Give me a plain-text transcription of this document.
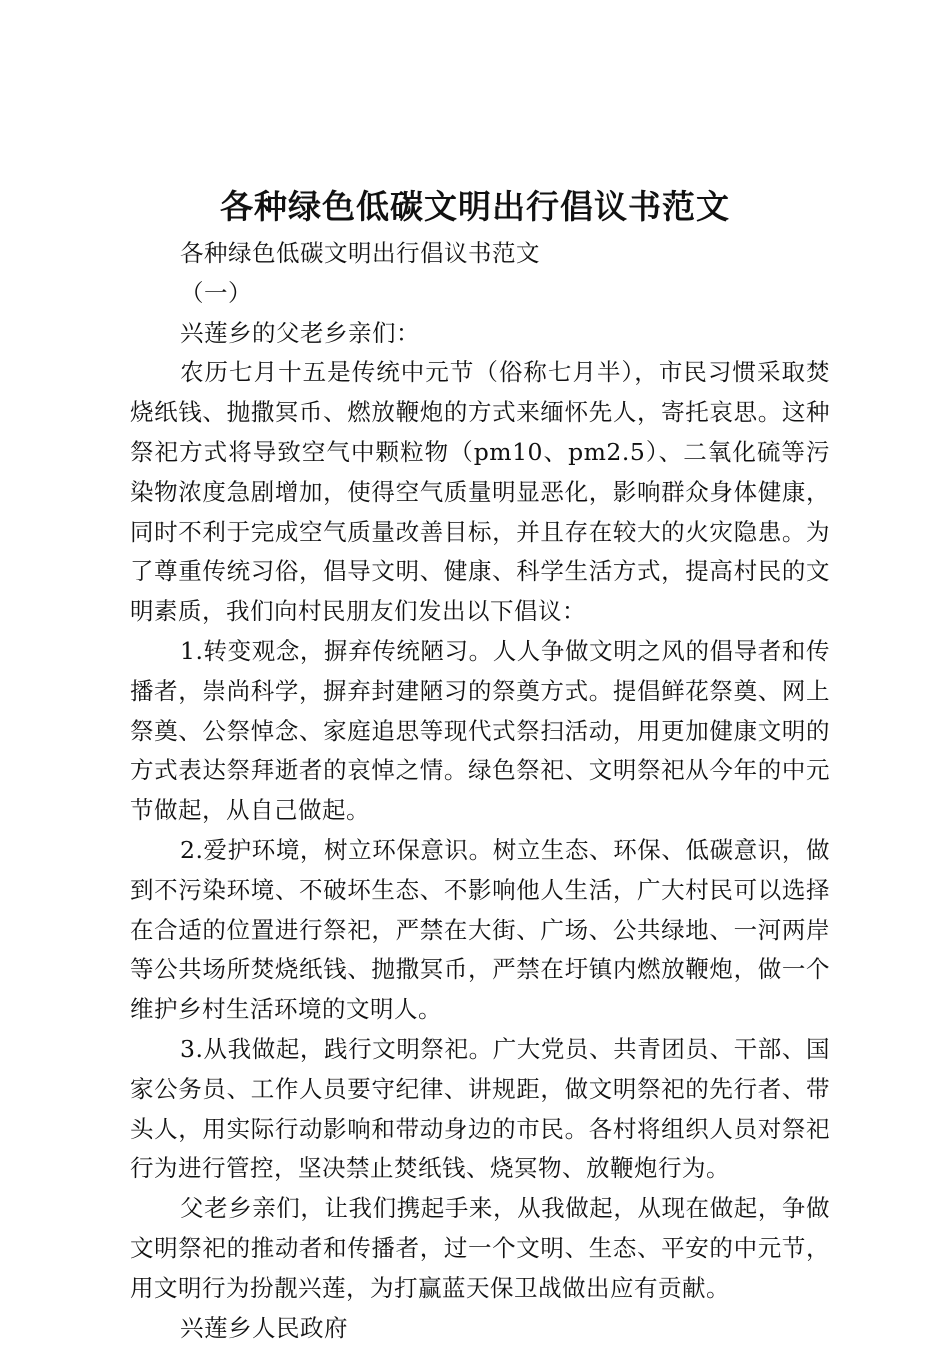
各种绿色低碳文明出行倡议书范文

各种绿色低碳文明出行倡议书范文

（一）

兴莲乡的父老乡亲们：

农历七月十五是传统中元节（俗称七月半），市民习惯采取焚烧纸钱、抛撒冥币、燃放鞭炮的方式来缅怀先人，寄托哀思。这种祭祀方式将导致空气中颗粒物（pm10、pm2.5）、二氧化硫等污染物浓度急剧增加，使得空气质量明显恶化，影响群众身体健康，同时不利于完成空气质量改善目标，并且存在较大的火灾隐患。为了尊重传统习俗，倡导文明、健康、科学生活方式，提高村民的文明素质，我们向村民朋友们发出以下倡议：

1.转变观念，摒弃传统陋习。人人争做文明之风的倡导者和传播者，崇尚科学，摒弃封建陋习的祭奠方式。提倡鲜花祭奠、网上祭奠、公祭悼念、家庭追思等现代式祭扫活动，用更加健康文明的方式表达祭拜逝者的哀悼之情。绿色祭祀、文明祭祀从今年的中元节做起，从自己做起。

2.爱护环境，树立环保意识。树立生态、环保、低碳意识，做到不污染环境、不破坏生态、不影响他人生活，广大村民可以选择在合适的位置进行祭祀，严禁在大街、广场、公共绿地、一河两岸等公共场所焚烧纸钱、抛撒冥币，严禁在圩镇内燃放鞭炮，做一个维护乡村生活环境的文明人。

3.从我做起，践行文明祭祀。广大党员、共青团员、干部、国家公务员、工作人员要守纪律、讲规距，做文明祭祀的先行者、带头人，用实际行动影响和带动身边的市民。各村将组织人员对祭祀行为进行管控，坚决禁止焚纸钱、烧冥物、放鞭炮行为。

父老乡亲们，让我们携起手来，从我做起，从现在做起，争做文明祭祀的推动者和传播者，过一个文明、生态、平安的中元节，用文明行为扮靓兴莲，为打赢蓝天保卫战做出应有贡献。

兴莲乡人民政府
